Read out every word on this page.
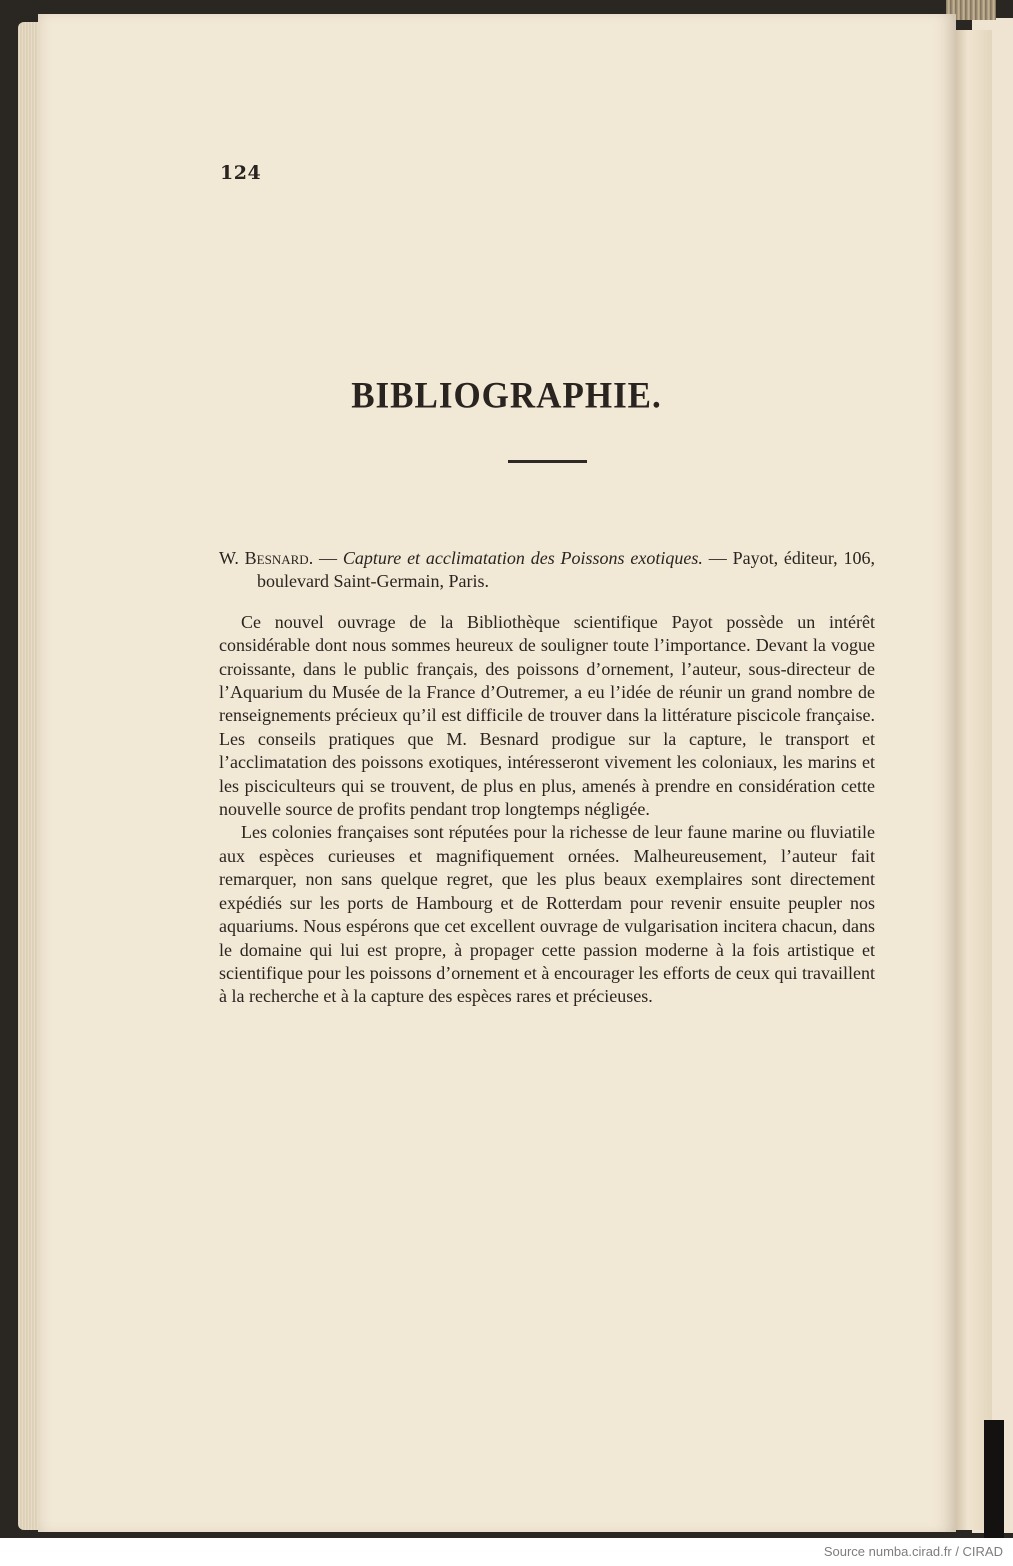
124
BIBLIOGRAPHIE.

W. Besnard. — Capture et acclimatation des Poissons exotiques. — Payot, éditeur, 106, boulevard Saint-Germain, Paris.

Ce nouvel ouvrage de la Bibliothèque scientifique Payot possède un intérêt considérable dont nous sommes heureux de souligner toute l’importance. Devant la vogue croissante, dans le public français, des poissons d’ornement, l’auteur, sous-directeur de l’Aquarium du Musée de la France d’Outremer, a eu l’idée de réunir un grand nombre de renseignements précieux qu’il est difficile de trouver dans la littérature piscicole française. Les conseils pratiques que M. Besnard prodigue sur la capture, le transport et l’acclimatation des poissons exotiques, intéresseront vivement les coloniaux, les marins et les pisciculteurs qui se trouvent, de plus en plus, amenés à prendre en considération cette nouvelle source de profits pendant trop longtemps négligée.

Les colonies françaises sont réputées pour la richesse de leur faune marine ou fluviatile aux espèces curieuses et magnifiquement ornées. Malheureusement, l’auteur fait remarquer, non sans quelque regret, que les plus beaux exemplaires sont directement expédiés sur les ports de Hambourg et de Rotterdam pour revenir ensuite peupler nos aquariums. Nous espérons que cet excellent ouvrage de vulgarisation incitera chacun, dans le domaine qui lui est propre, à propager cette passion moderne à la fois artistique et scientifique pour les poissons d’ornement et à encourager les efforts de ceux qui travaillent à la recherche et à la capture des espèces rares et précieuses.

Source numba.cirad.fr / CIRAD
